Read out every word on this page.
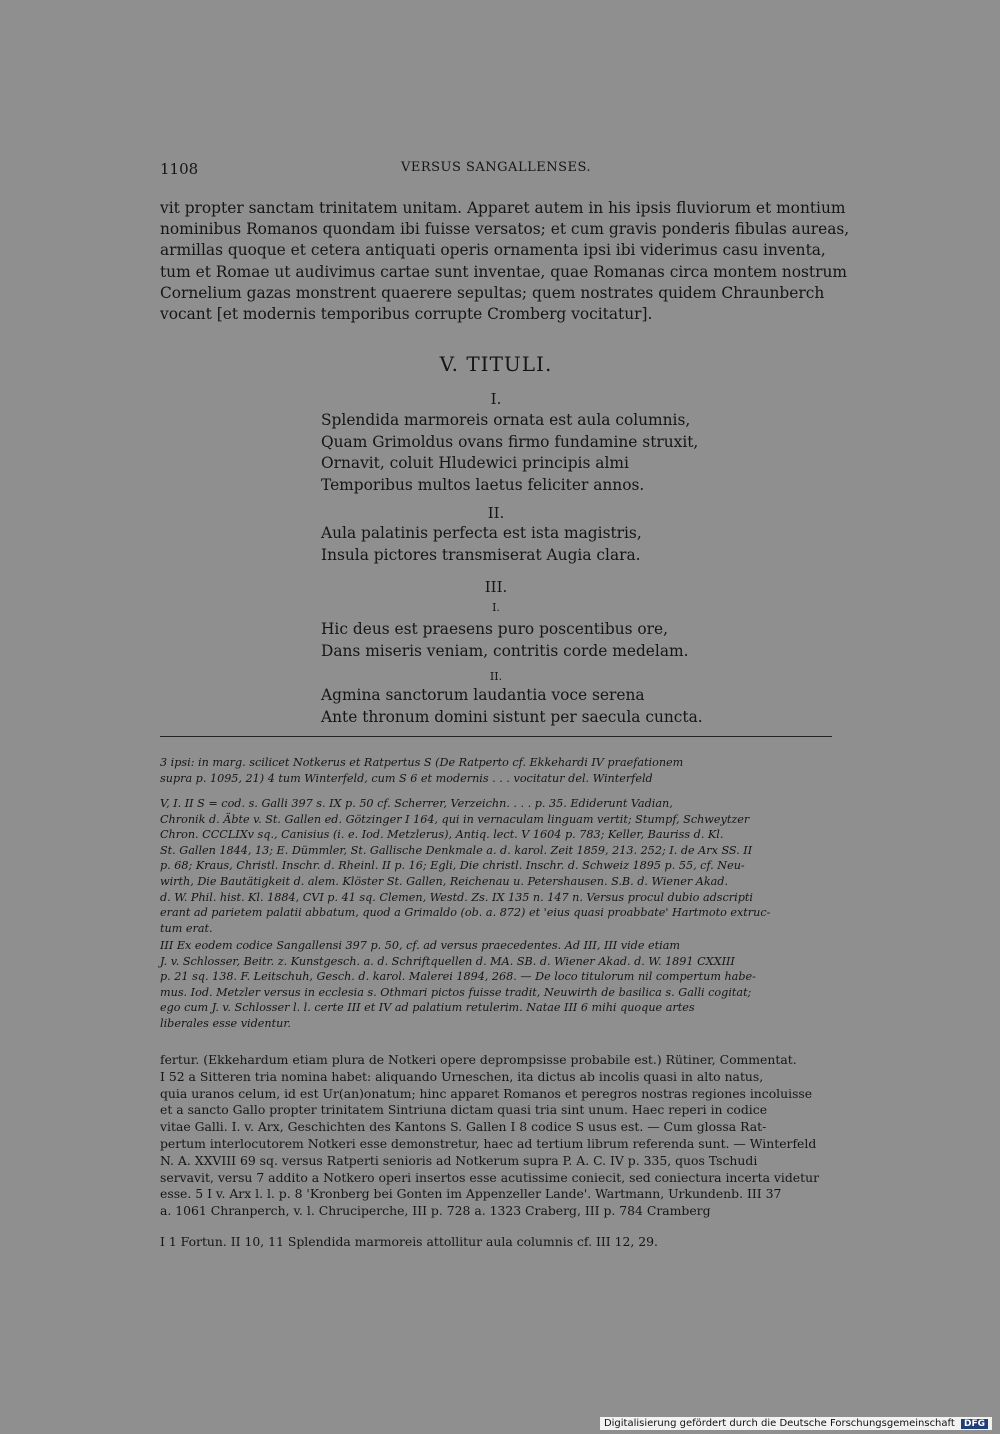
1108	VERSUS SANGALLENSES.
vit propter sanctam trinitatem unitam. Apparet autem in his ipsis fluviorum et montium
nominibus Romanos quondam ibi fuisse versatos; et cum gravis ponderis fibulas aureas,
armillas quoque et cetera antiquati operis ornamenta ipsi ibi viderimus casu inventa,
tum et Romae ut audivimus cartae sunt inventae, quae Romanas circa montem nostrum
Cornelium gazas monstrent quaerere sepultas; quem nostrates quidem Chraunberch
vocant [et modernis temporibus corrupte Cromberg vocitatur].
V. TITULI.
I.
Splendida marmoreis ornata est aula columnis,
Quam Grimoldus ovans firmo fundamine struxit,
Ornavit, coluit Hludewici principis almi
Temporibus multos laetus feliciter annos.
II.
Aula palatinis perfecta est ista magistris,
Insula pictores transmiserat Augia clara.
III.
I.
Hic deus est praesens puro poscentibus ore,
Dans miseris veniam, contritis corde medelam.
II.
Agmina sanctorum laudantia voce serena
Ante thronum domini sistunt per saecula cuncta.
3 ipsi: in marg. scilicet Notkerus et Ratpertus S (De Ratperto cf. Ekkehardi IV praefationem
supra p. 1095, 21) 4 tum Winterfeld, cum S 6 et modernis . . . vocitatur del. Winterfeld
V, I. II S = cod. s. Galli 397 s. IX p. 50 cf. Scherrer, Verzeichn. . . . p. 35. Ediderunt Vadian,
Chronik d. Äbte v. St. Gallen ed. Götzinger I 164, qui in vernaculam linguam vertit; Stumpf, Schweytzer
Chron. CCCLIXv sq., Canisius (i. e. Iod. Metzlerus), Antiq. lect. V 1604 p. 783; Keller, Bauriss d. Kl.
St. Gallen 1844, 13; E. Dümmler, St. Gallische Denkmale a. d. karol. Zeit 1859, 213. 252; I. de Arx SS. II
p. 68; Kraus, Christl. Inschr. d. Rheinl. II p. 16; Egli, Die christl. Inschr. d. Schweiz 1895 p. 55, cf. Neu-
wirth, Die Bautätigkeit d. alem. Klöster St. Gallen, Reichenau u. Petershausen. S.B. d. Wiener Akad.
d. W. Phil. hist. Kl. 1884, CVI p. 41 sq. Clemen, Westd. Zs. IX 135 n. 147 n. Versus procul dubio adscripti
erant ad parietem palatii abbatum, quod a Grimaldo (ob. a. 872) et 'eius quasi proabbate' Hartmoto extruc-
tum erat.
III Ex eodem codice Sangallensi 397 p. 50, cf. ad versus praecedentes. Ad III, III vide etiam
J. v. Schlosser, Beitr. z. Kunstgesch. a. d. Schriftquellen d. MA. SB. d. Wiener Akad. d. W. 1891 CXXIII
p. 21 sq. 138. F. Leitschuh, Gesch. d. karol. Malerei 1894, 268. — De loco titulorum nil compertum habe-
mus. Iod. Metzler versus in ecclesia s. Othmari pictos fuisse tradit, Neuwirth de basilica s. Galli cogitat;
ego cum J. v. Schlosser l. l. certe III et IV ad palatium retulerim. Natae III 6 mihi quoque artes
liberales esse videntur.
fertur. (Ekkehardum etiam plura de Notkeri opere deprompsisse probabile est.) Rütiner, Commentat.
I 52 a Sitteren tria nomina habet: aliquando Urneschen, ita dictus ab incolis quasi in alto natus,
quia uranos celum, id est Ur(an)onatum; hinc apparet Romanos et peregros nostras regiones incoluisse
et a sancto Gallo propter trinitatem Sintriuna dictam quasi tria sint unum. Haec reperi in codice
vitae Galli. I. v. Arx, Geschichten des Kantons S. Gallen I 8 codice S usus est. — Cum glossa Rat-
pertum interlocutorem Notkeri esse demonstretur, haec ad tertium librum referenda sunt. — Winterfeld
N. A. XXVIII 69 sq. versus Ratperti senioris ad Notkerum supra P. A. C. IV p. 335, quos Tschudi
servavit, versu 7 addito a Notkero operi insertos esse acutissime coniecit, sed coniectura incerta videtur
esse. 5 I v. Arx l. l. p. 8 'Kronberg bei Gonten im Appenzeller Lande'. Wartmann, Urkundenb. III 37
a. 1061 Chranperch, v. l. Chruciperche, III p. 728 a. 1323 Craberg, III p. 784 Cramberg
I 1 Fortun. II 10, 11 Splendida marmoreis attollitur aula columnis cf. III 12, 29.
Digitalisierung gefördert durch die Deutsche Forschungsgemeinschaft DFG
